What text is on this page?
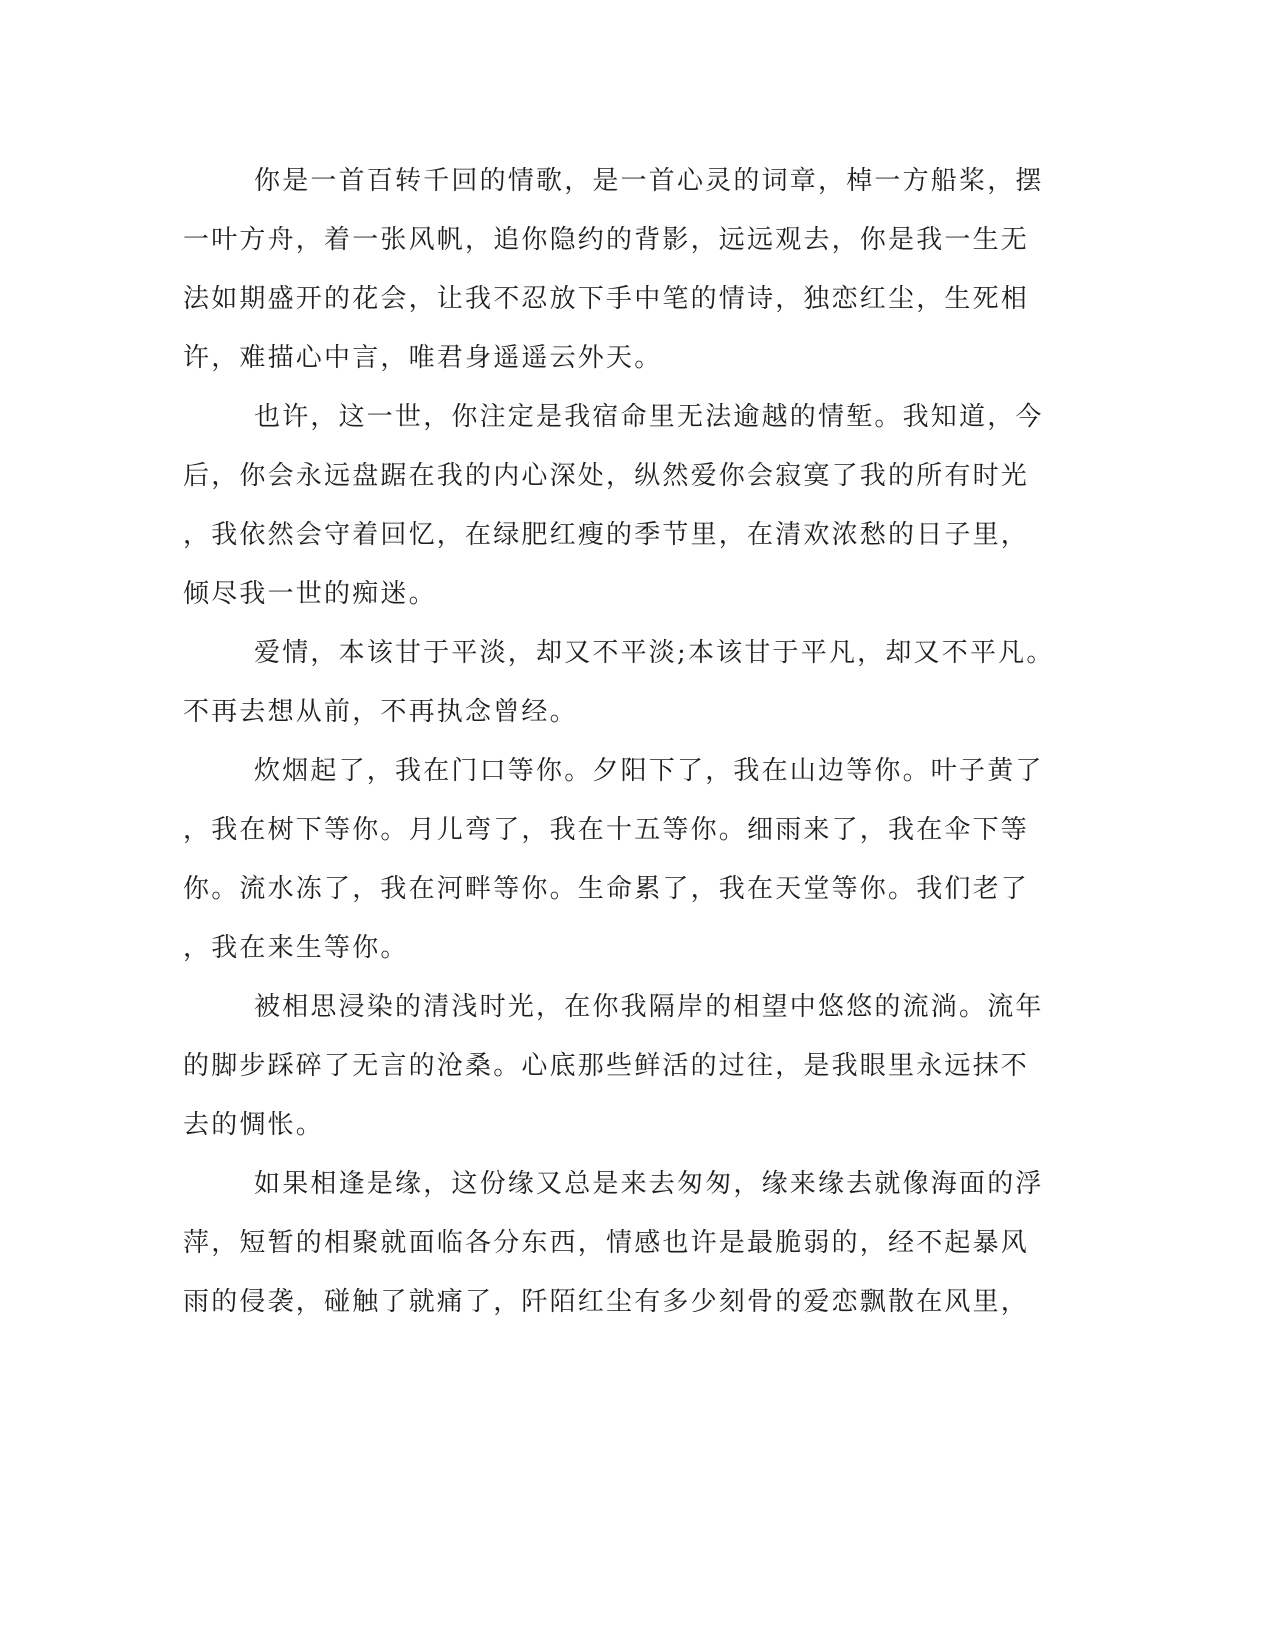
你是一首百转千回的情歌，是一首心灵的词章，棹一方船桨，摆
一叶方舟，着一张风帆，追你隐约的背影，远远观去，你是我一生无
法如期盛开的花会，让我不忍放下手中笔的情诗，独恋红尘，生死相
许，难描心中言，唯君身遥遥云外天。
也许，这一世，你注定是我宿命里无法逾越的情堑。我知道，今
后，你会永远盘踞在我的内心深处，纵然爱你会寂寞了我的所有时光
，我依然会守着回忆，在绿肥红瘦的季节里，在清欢浓愁的日子里，
倾尽我一世的痴迷。
爱情，本该甘于平淡，却又不平淡;本该甘于平凡，却又不平凡。
不再去想从前，不再执念曾经。
炊烟起了，我在门口等你。夕阳下了，我在山边等你。叶子黄了
，我在树下等你。月儿弯了，我在十五等你。细雨来了，我在伞下等
你。流水冻了，我在河畔等你。生命累了，我在天堂等你。我们老了
，我在来生等你。
被相思浸染的清浅时光，在你我隔岸的相望中悠悠的流淌。流年
的脚步踩碎了无言的沧桑。心底那些鲜活的过往，是我眼里永远抹不
去的惆怅。
如果相逢是缘，这份缘又总是来去匆匆，缘来缘去就像海面的浮
萍，短暂的相聚就面临各分东西，情感也许是最脆弱的，经不起暴风
雨的侵袭，碰触了就痛了，阡陌红尘有多少刻骨的爱恋飘散在风里，
